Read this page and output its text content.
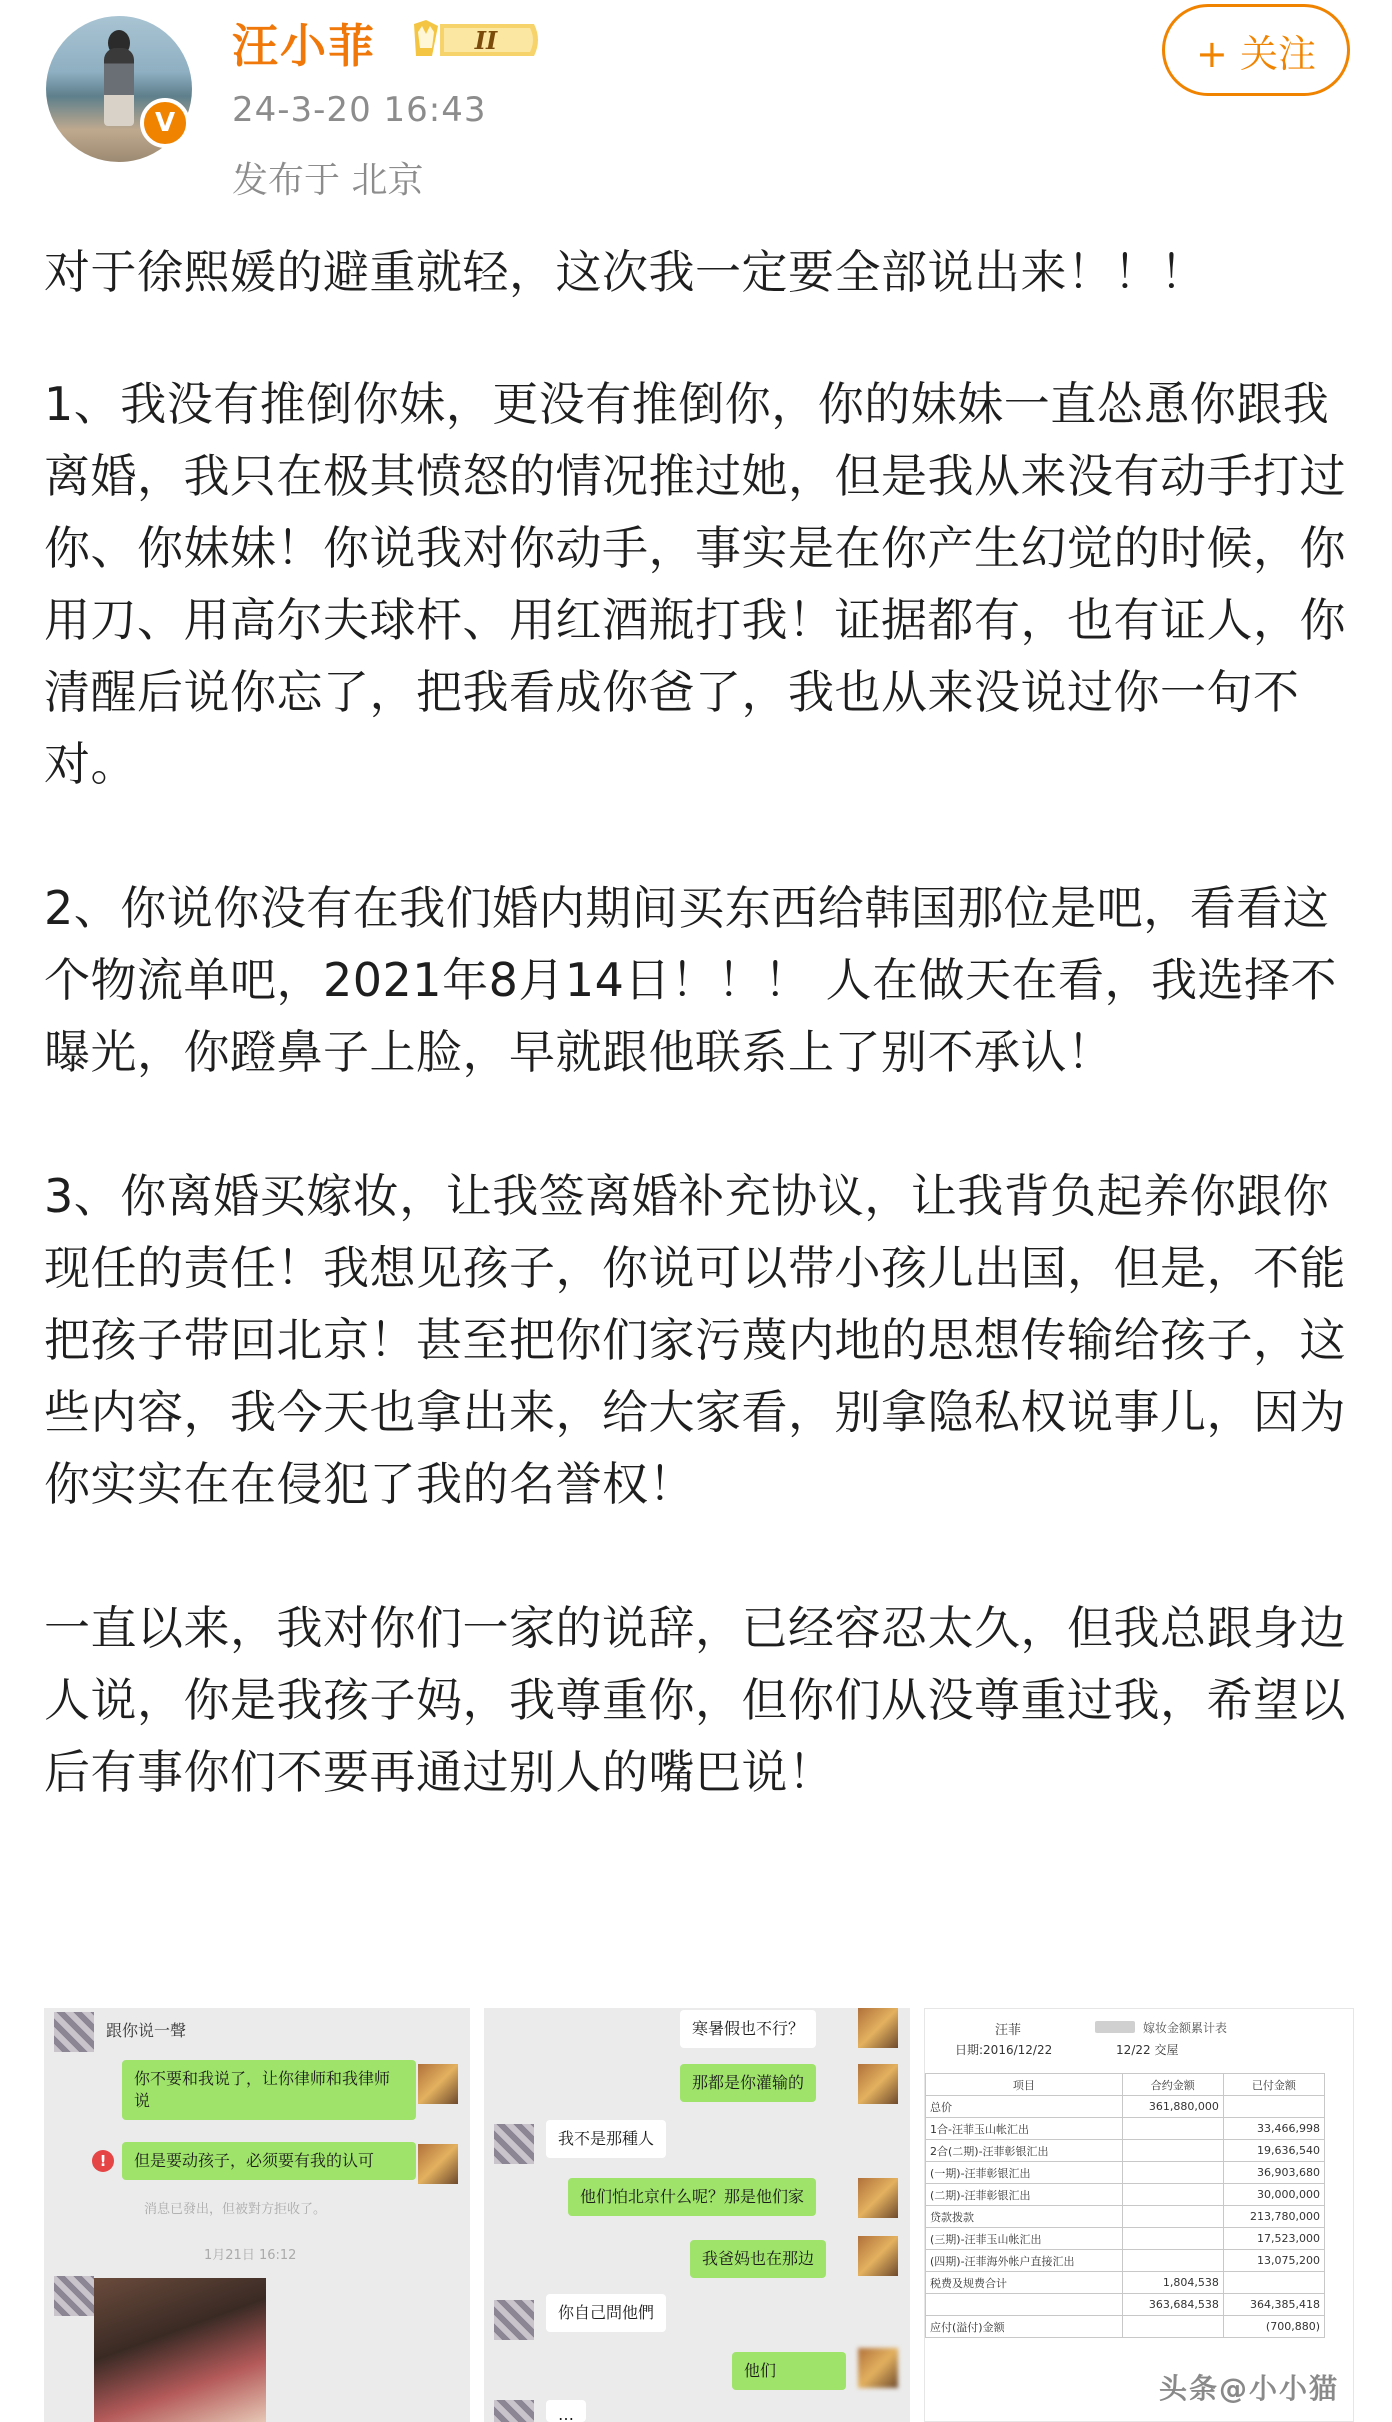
V
汪小菲	II
24-3-20 16:43
发布于 北京
+ 关注

对于徐熙媛的避重就轻，这次我一定要全部说出来！！！

1、我没有推倒你妹，更没有推倒你，你的妹妹一直怂恿你跟我离婚，我只在极其愤怒的情况推过她，但是我从来没有动手打过你、你妹妹！你说我对你动手，事实是在你产生幻觉的时候，你用刀、用高尔夫球杆、用红酒瓶打我！证据都有，也有证人，你清醒后说你忘了，把我看成你爸了，我也从来没说过你一句不对。

2、你说你没有在我们婚内期间买东西给韩国那位是吧，看看这个物流单吧，2021年8月14日！！！ 人在做天在看，我选择不曝光，你蹬鼻子上脸，早就跟他联系上了别不承认！

3、你离婚买嫁妆，让我签离婚补充协议，让我背负起养你跟你现任的责任！我想见孩子，你说可以带小孩儿出国，但是，不能把孩子带回北京！甚至把你们家污蔑内地的思想传输给孩子，这些内容，我今天也拿出来，给大家看，别拿隐私权说事儿，因为你实实在在侵犯了我的名誉权！

一直以来，我对你们一家的说辞，已经容忍太久，但我总跟身边人说，你是我孩子妈，我尊重你，但你们从没尊重过我，希望以后有事你们不要再通过别人的嘴巴说！

跟你说一聲
你不要和我说了，让你律师和我律师说
!	但是要动孩子，必须要有我的认可
消息已發出，但被對方拒收了。
1月21日 16:12
寒暑假也不行？
那都是你灌输的
我不是那種人
他们怕北京什么呢？那是他们家
我爸妈也在那边
你自己問他們
他们
…
汪菲	嫁妆金额累计表
日期:2016/12/22	12/22 交屋
项目	合约金额	已付金额
总价	361,880,000	
1合-汪菲玉山帐汇出		33,466,998
2合(二期)-汪菲彰银汇出		19,636,540
(一期)-汪菲彰银汇出		36,903,680
(二期)-汪菲彰银汇出		30,000,000
贷款拨款		213,780,000
(三期)-汪菲玉山帐汇出		17,523,000
(四期)-汪菲海外帐户直接汇出		13,075,200
税费及规费合计	1,804,538	
	363,684,538	364,385,418
应付(溢付)金额		(700,880)
头条@小小猫
